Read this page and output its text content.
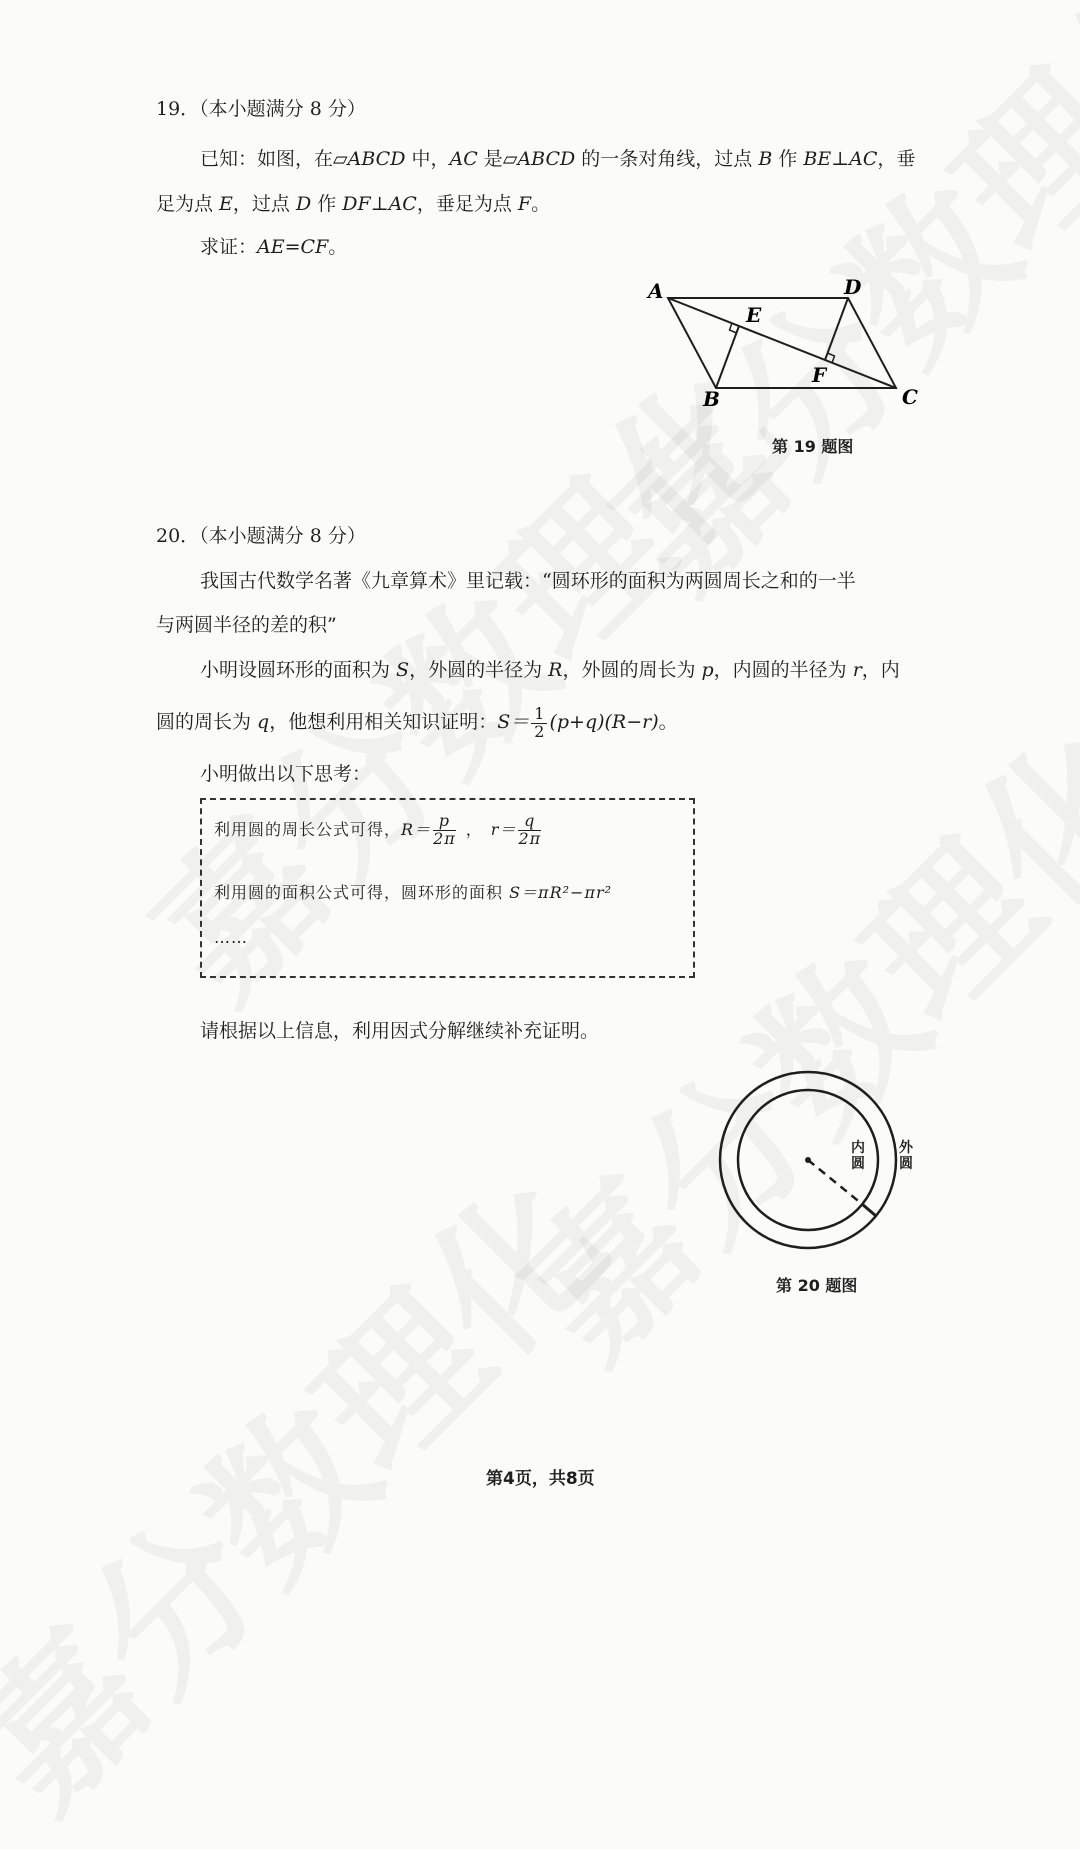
19．（本小题满分 8 分）
已知：如图，在▱ABCD 中，AC 是▱ABCD 的一条对角线，过点 B 作 BE⊥AC，垂
足为点 E，过点 D 作 DF⊥AC，垂足为点 F。
求证：AE=CF。
A	D
E
F
B	C
第 19 题图
20．（本小题满分 8 分）
我国古代数学名著《九章算术》里记载：“圆环形的面积为两圆周长之和的一半
与两圆半径的差的积”
小明设圆环形的面积为 S，外圆的半径为 R，外圆的周长为 p，内圆的半径为 r，内
圆的周长为 q，他想利用相关知识证明：$S= \frac{1}{2} (p+q)(R-r)$。
小明做出以下思考：
利用圆的周长公式可得，$R= \frac{p}{2\pi}$ ， $r= \frac{q}{2\pi}$
利用圆的面积公式可得，圆环形的面积 S＝πR²−πr²
……
请根据以上信息，利用因式分解继续补充证明。
内圆
外圆
第 20 题图
第4页，共8页
